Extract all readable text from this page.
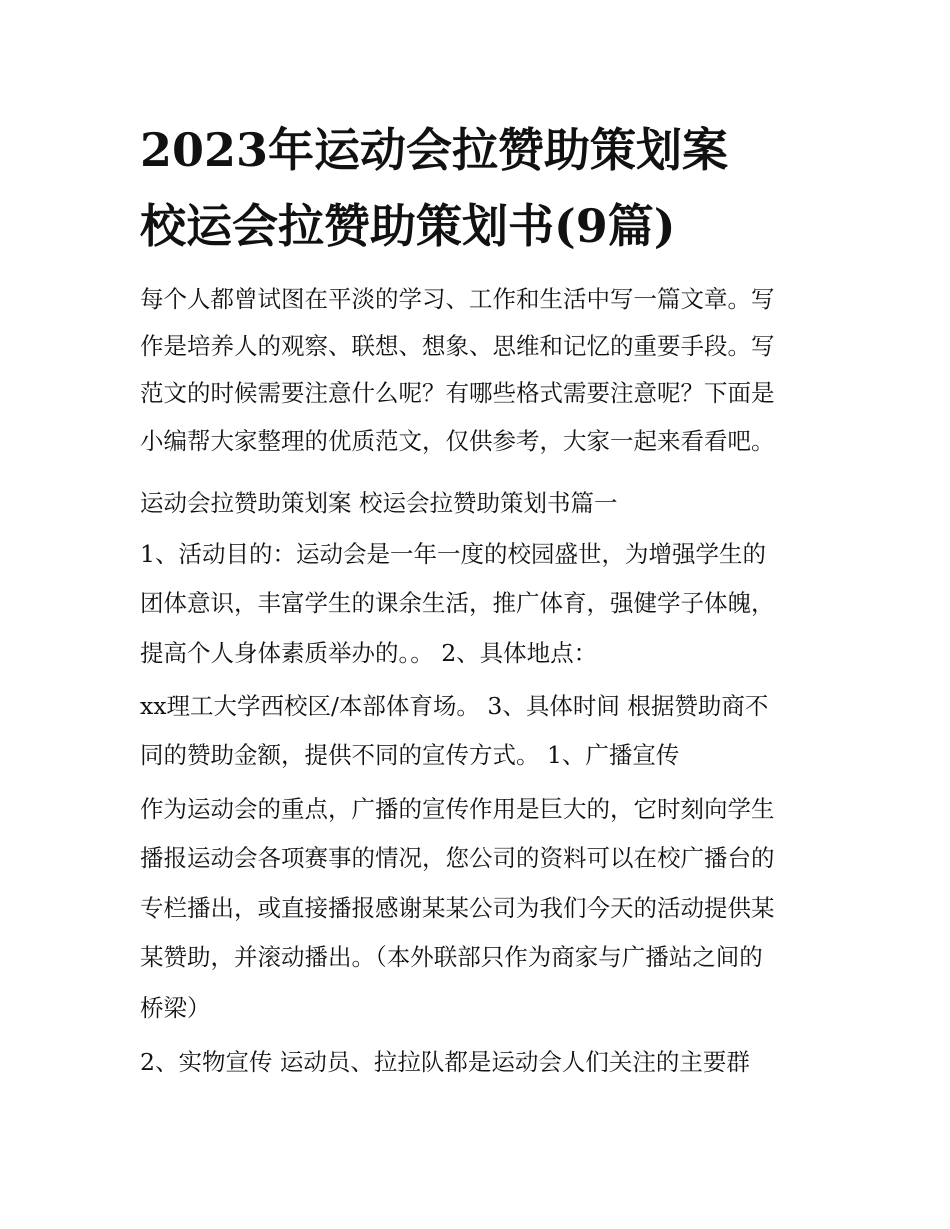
2023年运动会拉赞助策划案
校运会拉赞助策划书(9篇)
每个人都曾试图在平淡的学习、工作和生活中写一篇文章。写
作是培养人的观察、联想、想象、思维和记忆的重要手段。写
范文的时候需要注意什么呢？有哪些格式需要注意呢？下面是
小编帮大家整理的优质范文，仅供参考，大家一起来看看吧。
运动会拉赞助策划案 校运会拉赞助策划书篇一
1、活动目的：运动会是一年一度的校园盛世，为增强学生的
团体意识，丰富学生的课余生活，推广体育，强健学子体魄，
提高个人身体素质举办的。。 2、具体地点：
xx理工大学西校区/本部体育场。 3、具体时间 根据赞助商不
同的赞助金额，提供不同的宣传方式。 1、广播宣传
作为运动会的重点，广播的宣传作用是巨大的，它时刻向学生
播报运动会各项赛事的情况，您公司的资料可以在校广播台的
专栏播出，或直接播报感谢某某公司为我们今天的活动提供某
某赞助，并滚动播出。（本外联部只作为商家与广播站之间的
桥梁）
2、实物宣传 运动员、拉拉队都是运动会人们关注的主要群
